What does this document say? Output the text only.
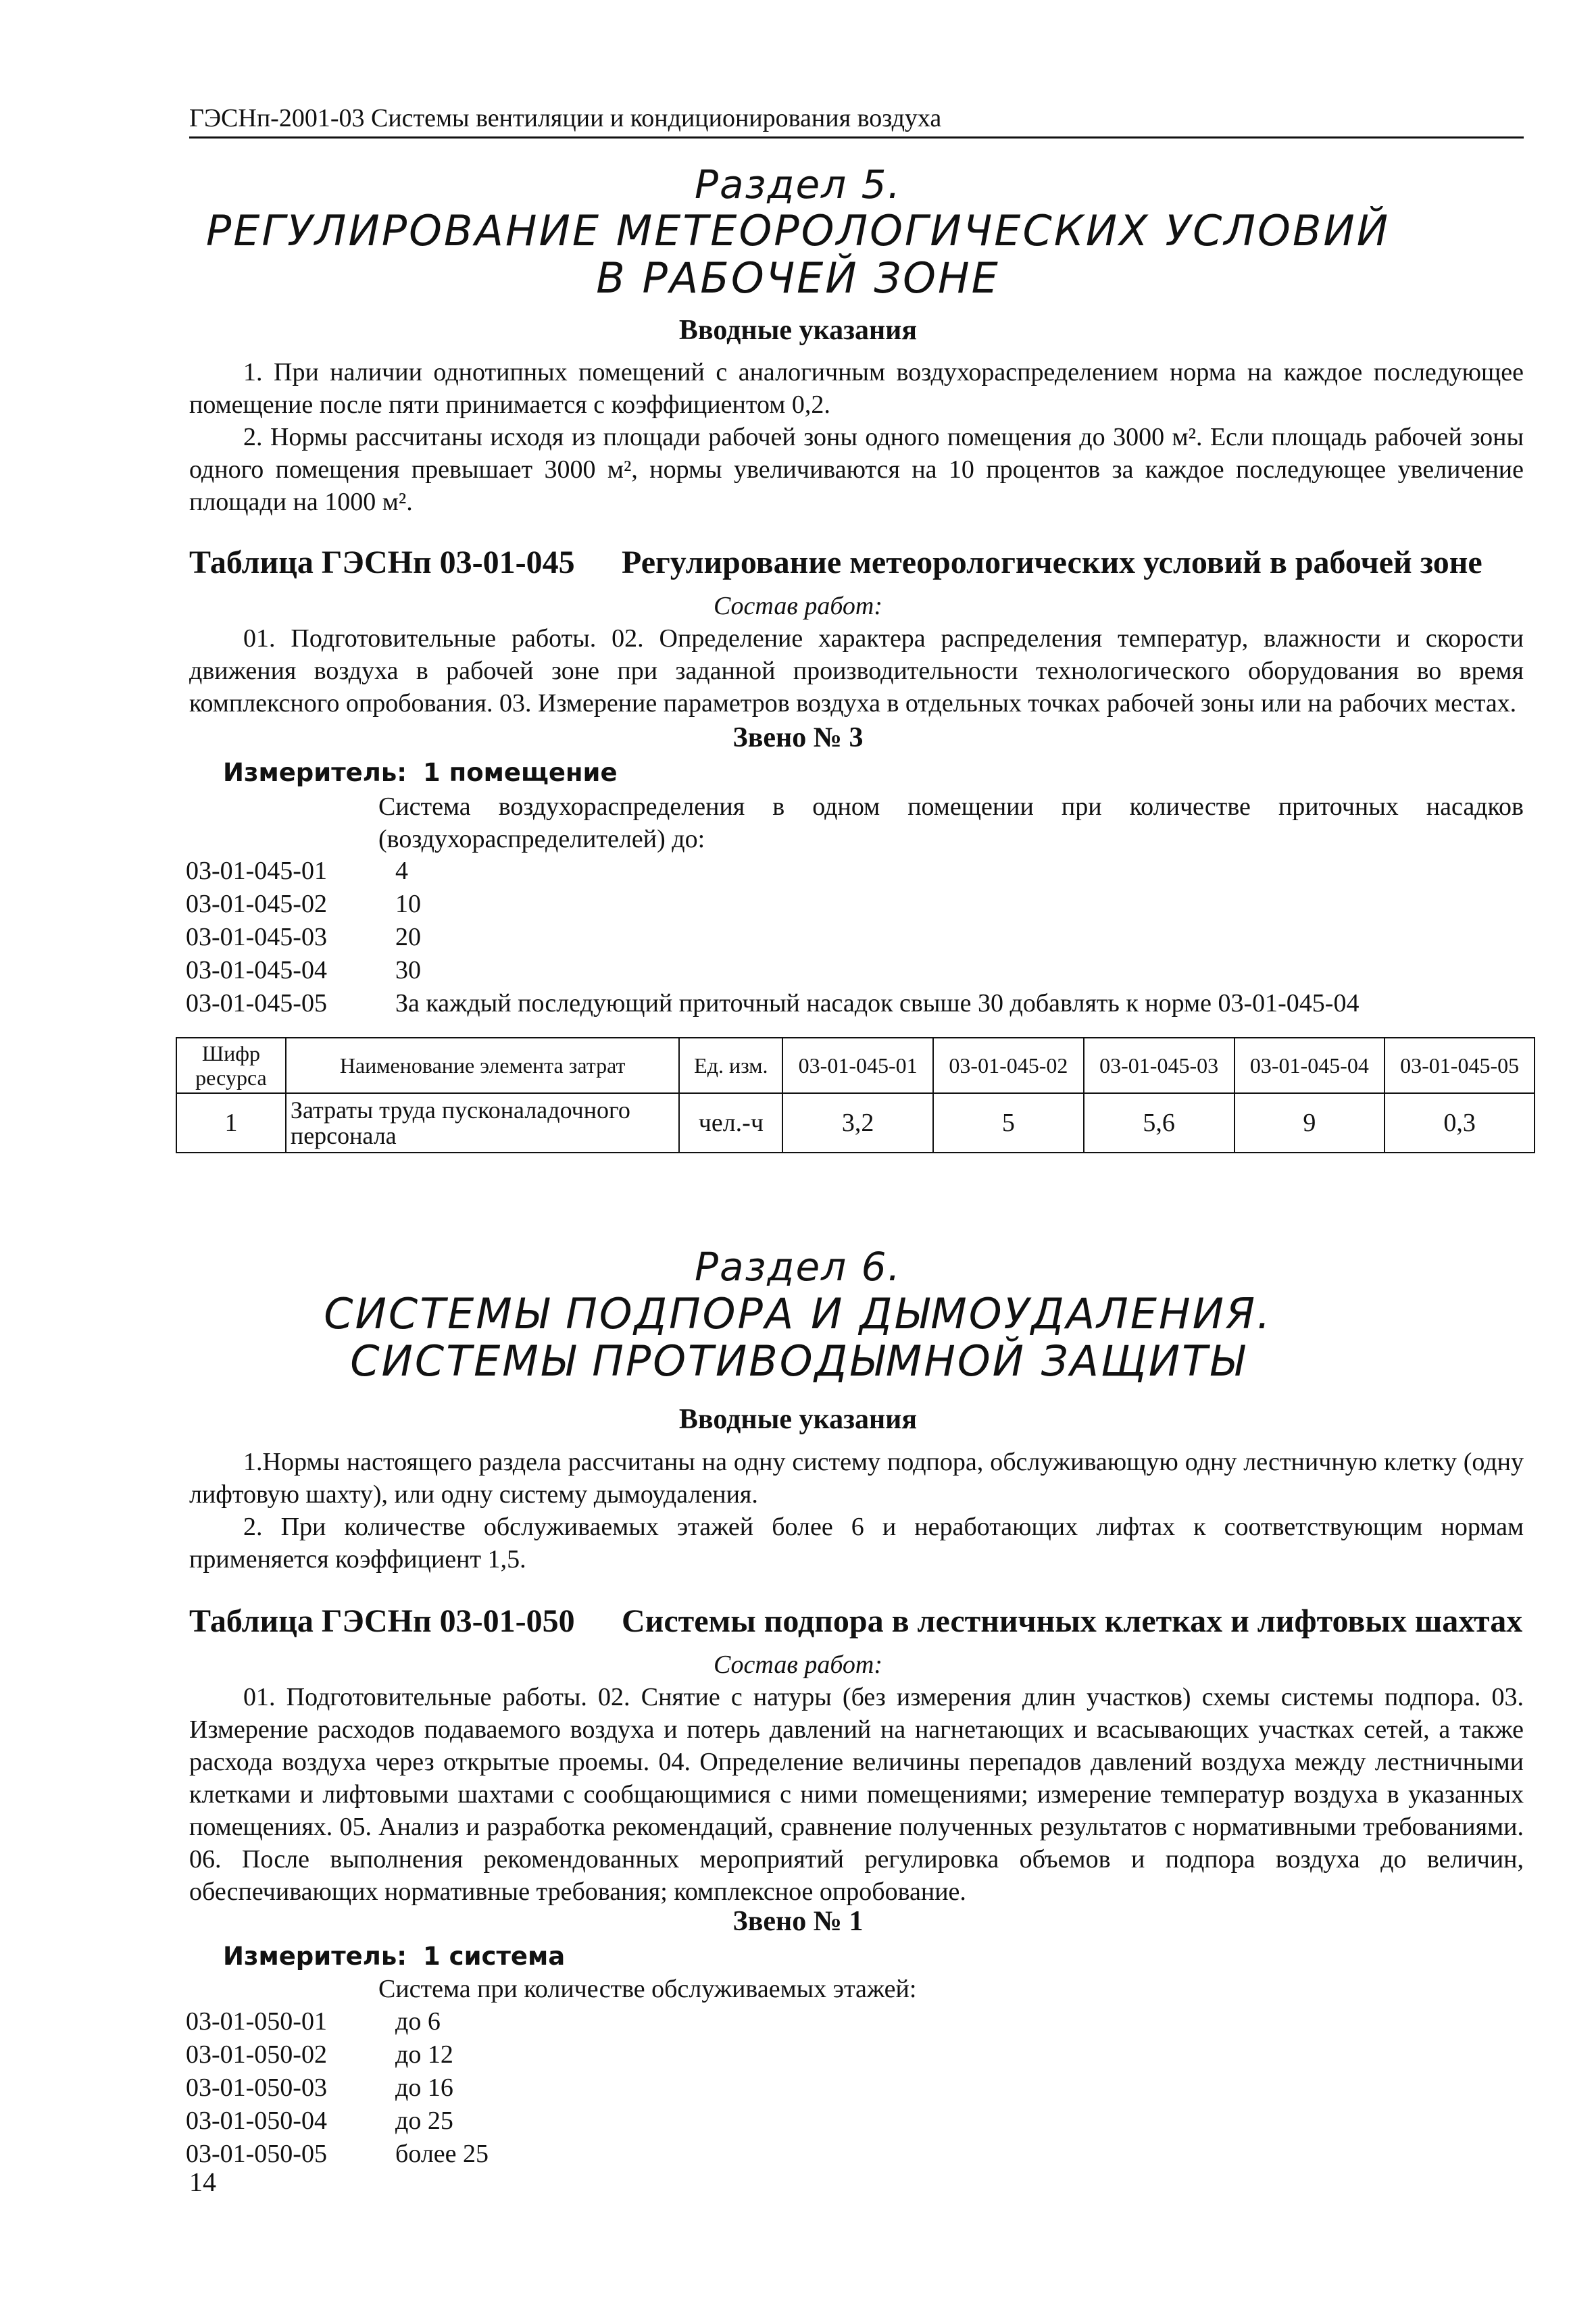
ГЭСНп-2001-03 Системы вентиляции и кондиционирования воздуха
Раздел 5.
РЕГУЛИРОВАНИЕ МЕТЕОРОЛОГИЧЕСКИХ УСЛОВИЙ
В РАБОЧЕЙ ЗОНЕ
Вводные указания

1. При наличии однотипных помещений с аналогичным воздухораспределением норма на каждое последующее помещение после пяти принимается с коэффициентом 0,2.

2. Нормы рассчитаны исходя из площади рабочей зоны одного помещения до 3000 м². Если площадь рабочей зоны одного помещения превышает 3000 м², нормы увеличиваются на 10 процентов за каждое последующее увеличение площади на 1000 м².

Таблица ГЭСНп 03-01-045 Регулирование метеорологических условий в рабочей зоне
Состав работ:

01. Подготовительные работы. 02. Определение характера распределения температур, влажности и скорости движения воздуха в рабочей зоне при заданной производительности технологического оборудования во время комплексного опробования. 03. Измерение параметров воздуха в отдельных точках рабочей зоны или на рабочих местах.

Звено № 3
Измеритель: 1 помещение
Система воздухораспределения в одном помещении при количестве приточных насадков (воздухораспределителей) до:
03-01-045-01	4
03-01-045-02	10
03-01-045-03	20
03-01-045-04	30
03-01-045-05	За каждый последующий приточный насадок свыше 30 добавлять к норме 03-01-045-04
Шифр ресурса	Наименование элемента затрат	Ед. изм.	03-01-045-01	03-01-045-02	03-01-045-03	03-01-045-04	03-01-045-05
1	Затраты труда пусконаладочного персонала	чел.-ч	3,2	5	5,6	9	0,3
Раздел 6.
СИСТЕМЫ ПОДПОРА И ДЫМОУДАЛЕНИЯ.
СИСТЕМЫ ПРОТИВОДЫМНОЙ ЗАЩИТЫ
Вводные указания

1.Нормы настоящего раздела рассчитаны на одну систему подпора, обслуживающую одну лестничную клетку (одну лифтовую шахту), или одну систему дымоудаления.

2. При количестве обслуживаемых этажей более 6 и неработающих лифтах к соответствующим нормам применяется коэффициент 1,5.

Таблица ГЭСНп 03-01-050 Системы подпора в лестничных клетках и лифтовых шахтах
Состав работ:

01. Подготовительные работы. 02. Снятие с натуры (без измерения длин участков) схемы системы подпора. 03. Измерение расходов подаваемого воздуха и потерь давлений на нагнетающих и всасывающих участках сетей, а также расхода воздуха через открытые проемы. 04. Определение величины перепадов давлений воздуха между лестничными клетками и лифтовыми шахтами с сообщающимися с ними помещениями; измерение температур воздуха в указанных помещениях. 05. Анализ и разработка рекомендаций, сравнение полученных результатов с нормативными требованиями. 06. После выполнения рекомендованных мероприятий регулировка объемов и подпора воздуха до величин, обеспечивающих нормативные требования; комплексное опробование.

Звено № 1
Измеритель: 1 система
Система при количестве обслуживаемых этажей:
03-01-050-01	до 6
03-01-050-02	до 12
03-01-050-03	до 16
03-01-050-04	до 25
03-01-050-05	более 25
14
